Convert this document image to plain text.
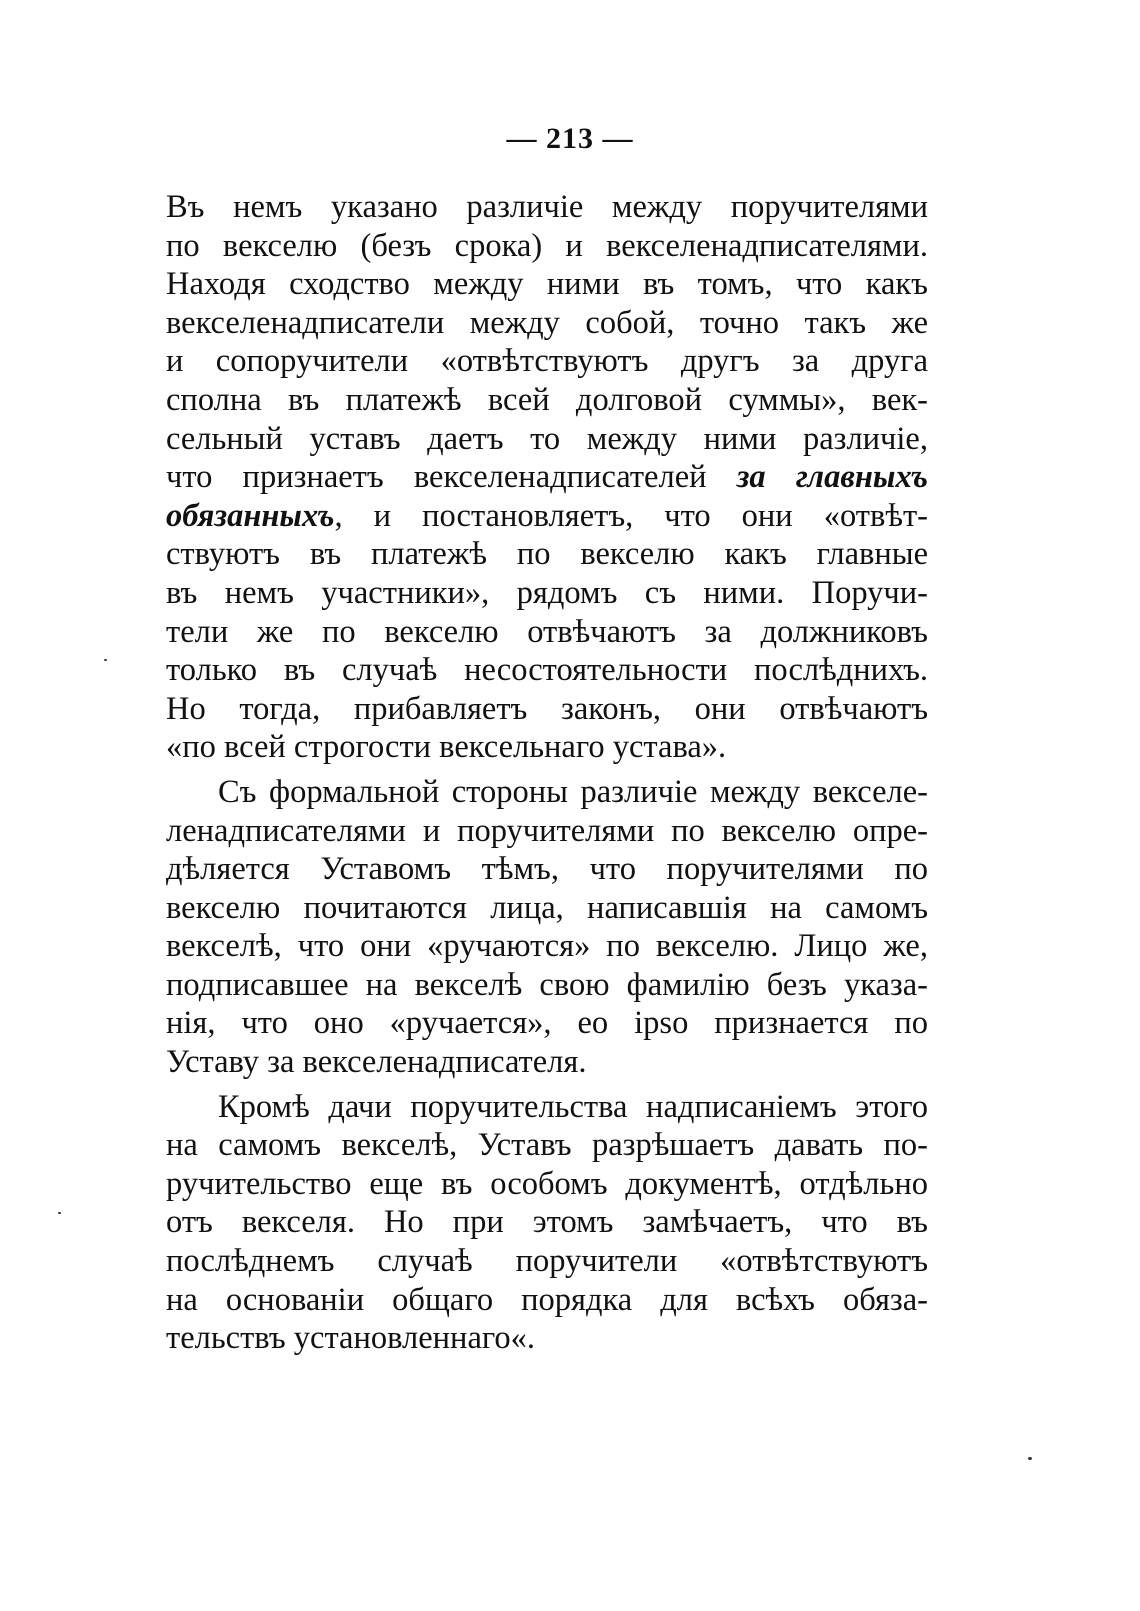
— 213 —
Въ немъ указано различіе между поручителями
по векселю (безъ срока) и векселенадписателями.
Находя сходство между ними въ томъ, что какъ
векселенадписатели между собой, точно такъ же
и сопоручители «отвѣтствуютъ другъ за друга
сполна въ платежѣ всей долговой суммы», век-
сельный уставъ даетъ то между ними различіе,
что признаетъ векселенадписателей за главныхъ
обязанныхъ, и постановляетъ, что они «отвѣт-
ствуютъ въ платежѣ по векселю какъ главные
въ немъ участники», рядомъ съ ними. Поручи-
тели же по векселю отвѣчаютъ за должниковъ
только въ случаѣ несостоятельности послѣднихъ.
Но тогда, прибавляетъ законъ, они отвѣчаютъ
«по всей строгости вексельнаго устава».
Съ формальной стороны различіе между векселе-
ленадписателями и поручителями по векселю опре-
дѣляется Уставомъ тѣмъ, что поручителями по
векселю почитаются лица, написавшія на самомъ
векселѣ, что они «ручаются» по векселю. Лицо же,
подписавшее на векселѣ свою фамилію безъ указа-
нія, что оно «ручается», eo ipso признается по
Уставу за векселенадписателя.
Кромѣ дачи поручительства надписаніемъ этого
на самомъ векселѣ, Уставъ разрѣшаетъ давать по-
ручительство еще въ особомъ документѣ, отдѣльно
отъ векселя. Но при этомъ замѣчаетъ, что въ
послѣднемъ случаѣ поручители «отвѣтствуютъ
на основаніи общаго порядка для всѣхъ обяза-
тельствъ установленнаго«.
